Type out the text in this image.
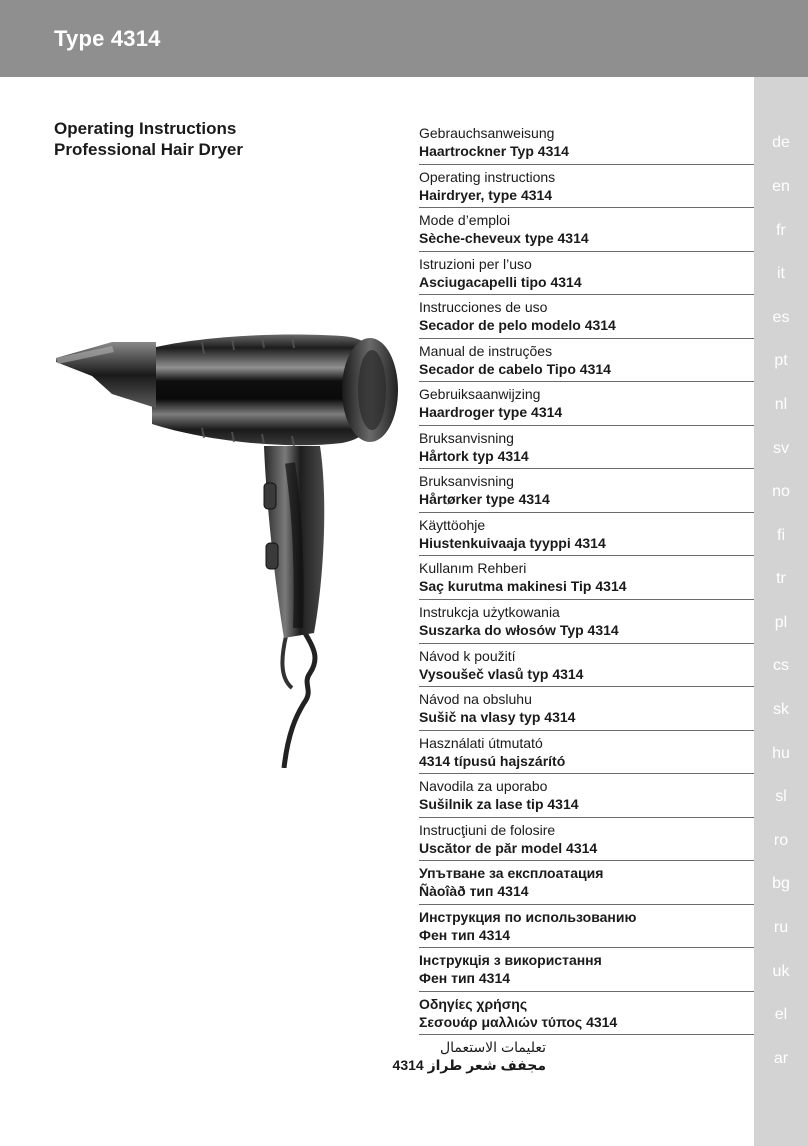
Type 4314
de
en
fr
it
es
pt
nl
sv
no
fi
tr
pl
cs
sk
hu
sl
ro
bg
ru
uk
el
ar
Operating Instructions
Professional Hair Dryer
Gebrauchsanweisung
Haartrockner Typ 4314
Operating instructions
Hairdryer, type 4314
Mode d’emploi
Sèche-cheveux type 4314
Istruzioni per l’uso
Asciugacapelli tipo 4314
Instrucciones de uso
Secador de pelo modelo 4314
Manual de instruções
Secador de cabelo Tipo 4314
Gebruiksaanwijzing
Haardroger type 4314
Bruksanvisning
Hårtork typ 4314
Bruksanvisning
Hårtørker type 4314
Käyttöohje
Hiustenkuivaaja tyyppi 4314
Kullanım Rehberi
Saç kurutma makinesi Tip 4314
Instrukcja użytkowania
Suszarka do włosów Typ 4314
Návod k použití
Vysoušeč vlasů typ 4314
Návod na obsluhu
Sušič na vlasy typ 4314
Használati útmutató
4314 típusú hajszárító
Navodila za uporabo
Sušilnik za lase tip 4314
Instrucţiuni de folosire
Uscător de păr model 4314
Упътване за експлоатация
Ñàoîàð тип 4314
Инструкция по использованию
Фен тип 4314
Інструкція з використання
Фен тип 4314
Οδηγίες χρήσης
Σεσουάρ μαλλιών τύπος 4314
تعليمات الاستعمال
مجفف شعر طراز 4314
